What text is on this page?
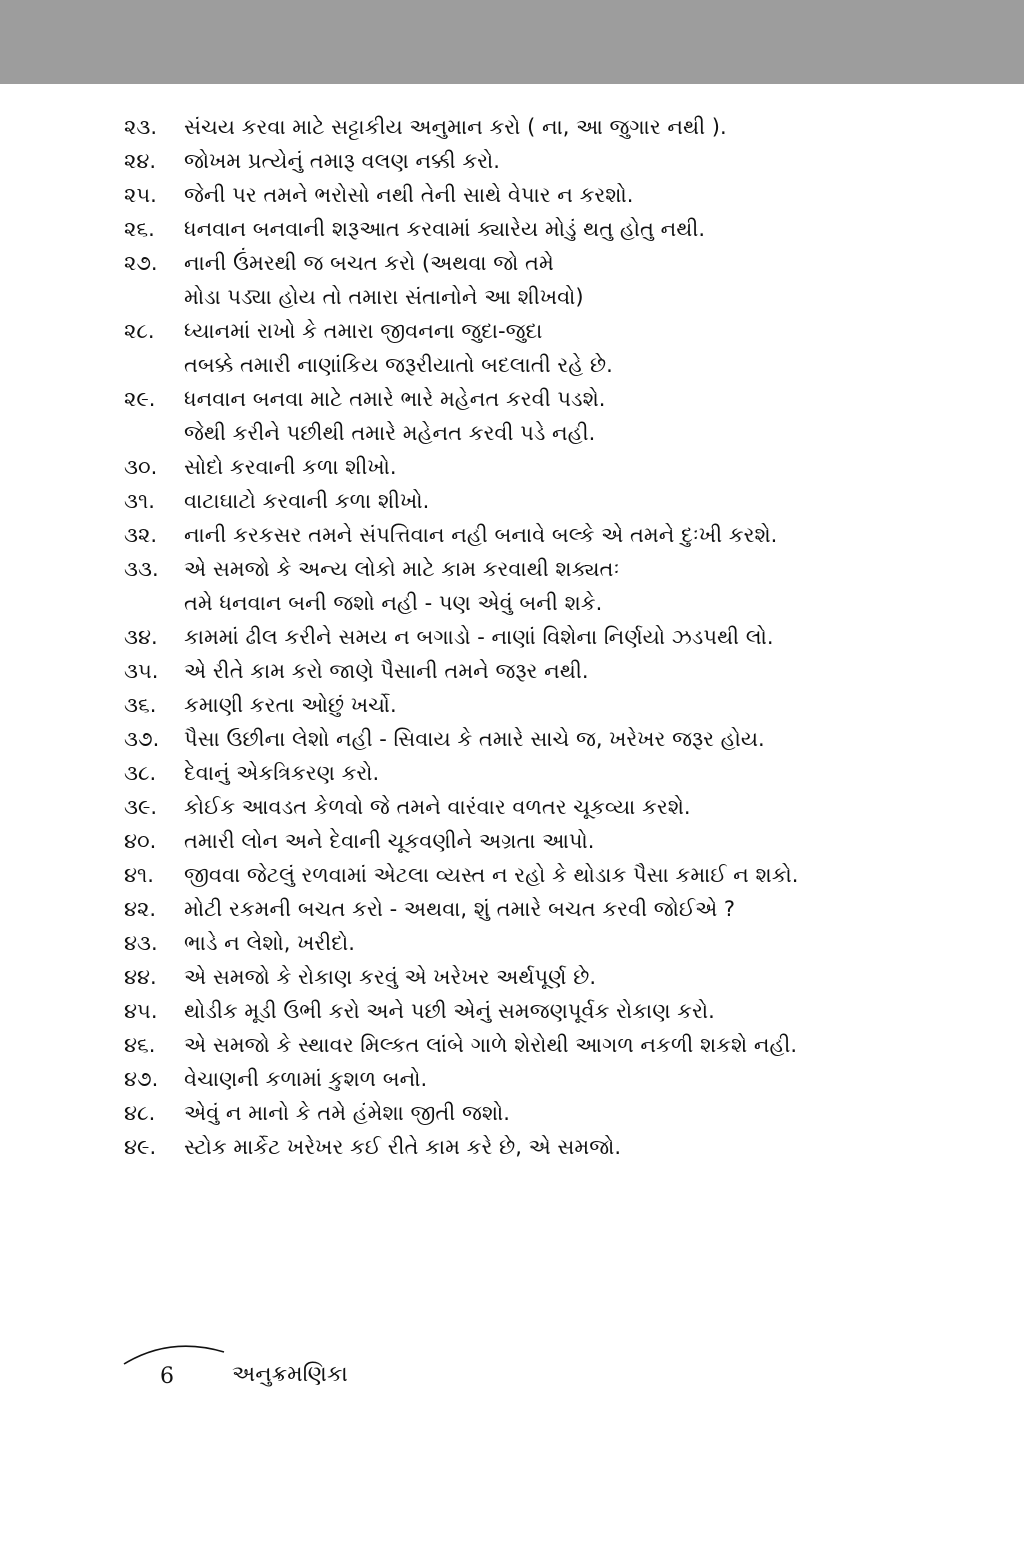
૨૩.	સંચય કરવા માટે સટ્ટાકીય અનુમાન કરો ( ના, આ જુગાર નથી ).
૨૪.	જોખમ પ્રત્યેનું તમારૂ વલણ નક્કી કરો.
૨૫.	જેની પર તમને ભરોસો નથી તેની સાથે વેપાર ન કરશો.
૨૬.	ધનવાન બનવાની શરૂઆત કરવામાં ક્યારેય મોડું થતુ હોતુ નથી.
૨૭.	નાની ઉંમરથી જ બચત કરો (અથવા જો તમે
મોડા પડ્યા હોય તો તમારા સંતાનોને આ શીખવો)
૨૮.	ધ્યાનમાં રાખો કે તમારા જીવનના જુદા-જુદા
તબક્કે તમારી નાણાંકિય જરૂરીયાતો બદલાતી રહે છે.
૨૯.	ધનવાન બનવા માટે તમારે ભારે મહેનત કરવી પડશે.
જેથી કરીને પછીથી તમારે મહેનત કરવી પડે નહી.
૩૦.	સોદો કરવાની કળા શીખો.
૩૧.	વાટાઘાટો કરવાની કળા શીખો.
૩૨.	નાની કરકસર તમને સંપત્તિવાન નહી બનાવે બલ્કે એ તમને દુઃખી કરશે.
૩૩.	એ સમજો કે અન્ય લોકો માટે કામ કરવાથી શક્યતઃ
તમે ધનવાન બની જશો નહી - પણ એવું બની શકે.
૩૪.	કામમાં ઢીલ કરીને સમય ન બગાડો - નાણાં વિશેના નિર્ણયો ઝડપથી લો.
૩૫.	એ રીતે કામ કરો જાણે પૈસાની તમને જરૂર નથી.
૩૬.	કમાણી કરતા ઓછું ખર્ચો.
૩૭.	પૈસા ઉછીના લેશો નહી - સિવાય કે તમારે સાચે જ, ખરેખર જરૂર હોય.
૩૮.	દેવાનું એકત્રિકરણ કરો.
૩૯.	કોઈક આવડત કેળવો જે તમને વારંવાર વળતર ચૂકવ્યા કરશે.
૪૦.	તમારી લોન અને દેવાની ચૂકવણીને અગ્રતા આપો.
૪૧.	જીવવા જેટલું રળવામાં એટલા વ્યસ્ત ન રહો કે થોડાક પૈસા કમાઈ ન શકો.
૪૨.	મોટી રકમની બચત કરો - અથવા, શું તમારે બચત કરવી જોઈએ ?
૪૩.	ભાડે ન લેશો, ખરીદો.
૪૪.	એ સમજો કે રોકાણ કરવું એ ખરેખર અર્થપૂર્ણ છે.
૪૫.	થોડીક મૂડી ઉભી કરો અને પછી એનું સમજણપૂર્વક રોકાણ કરો.
૪૬.	એ સમજો કે સ્થાવર મિલ્કત લાંબે ગાળે શેરોથી આગળ નકળી શકશે નહી.
૪૭.	વેચાણની કળામાં કુશળ બનો.
૪૮.	એવું ન માનો કે તમે હંમેશા જીતી જશો.
૪૯.	સ્ટોક માર્કેટ ખરેખર કઈ રીતે કામ કરે છે, એ સમજો.
6	અનુક્રમણિકા
